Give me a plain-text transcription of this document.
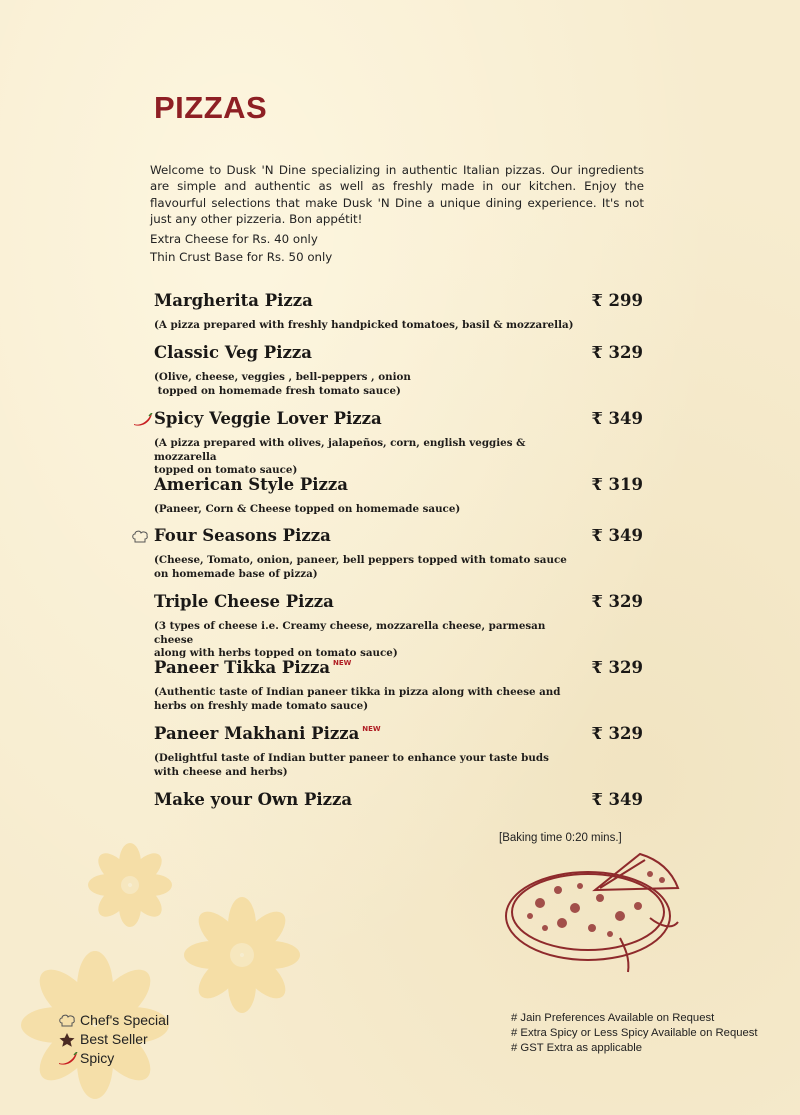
PIZZAS
Welcome to Dusk 'N Dine specializing in authentic Italian pizzas. Our ingredients are simple and authentic as well as freshly made in our kitchen. Enjoy the flavourful selections that make Dusk 'N Dine a unique dining experience. It's not just any other pizzeria. Bon appétit!
Extra Cheese for Rs. 40 only
Thin Crust Base for Rs. 50 only
Margherita Pizza	₹ 299
(A pizza prepared with freshly handpicked tomatoes, basil & mozzarella)
Classic Veg Pizza	₹ 329
(Olive, cheese, veggies , bell-peppers , onion
topped on homemade fresh tomato sauce)
Spicy Veggie Lover Pizza	₹ 349
(A pizza prepared with olives, jalapeños, corn, english veggies & mozzarella
topped on tomato sauce)
American Style Pizza	₹ 319
(Paneer, Corn & Cheese topped on homemade sauce)
Four Seasons Pizza	₹ 349
(Cheese, Tomato, onion, paneer, bell peppers topped with tomato sauce
on homemade base of pizza)
Triple Cheese Pizza	₹ 329
(3 types of cheese i.e. Creamy cheese, mozzarella cheese, parmesan cheese
along with herbs topped on tomato sauce)
Paneer Tikka Pizza $^{NEW}$	₹ 329
(Authentic taste of Indian paneer tikka in pizza along with cheese and
herbs on freshly made tomato sauce)
Paneer Makhani Pizza $^{NEW}$	₹ 329
(Delightful taste of Indian butter paneer to enhance your taste buds
with cheese and herbs)
Make your Own Pizza	₹ 349
[Baking time 0:20 mins.]
# Jain Preferences Available on Request
# Extra Spicy or Less Spicy Available on Request
# GST Extra as applicable
Chef's Special
Best Seller
Spicy
